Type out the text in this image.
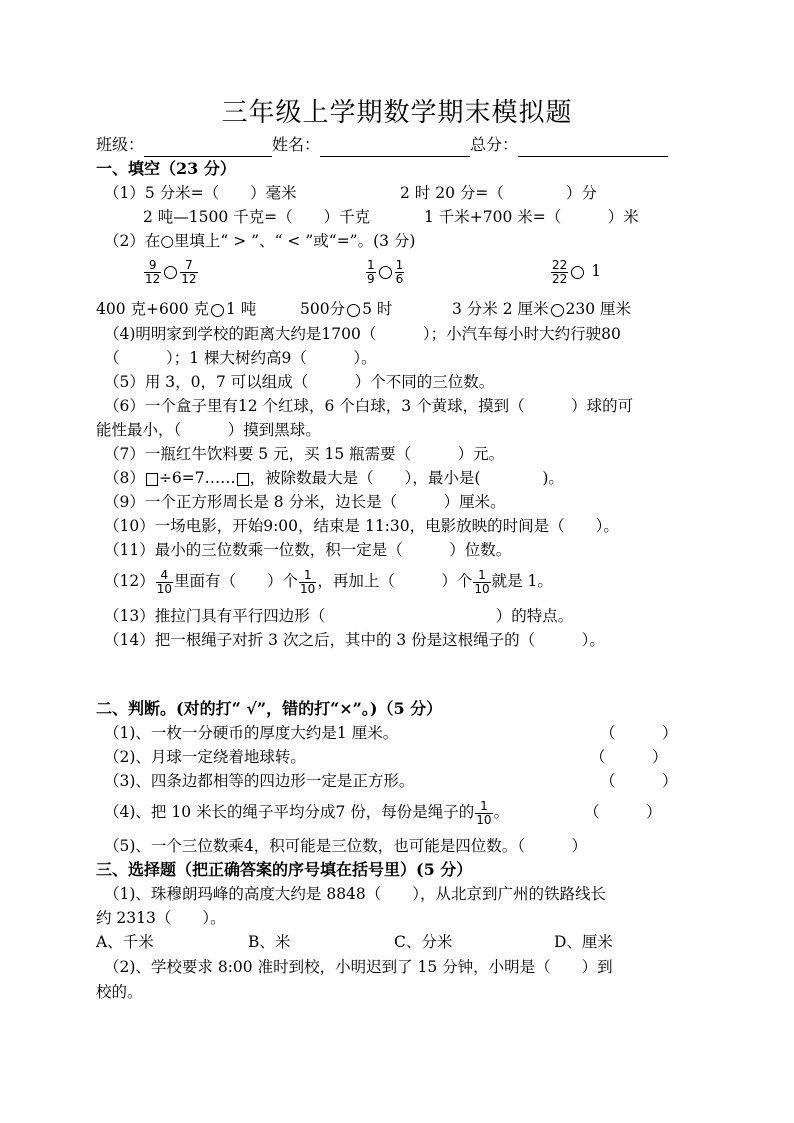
三年级上学期数学期末模拟题
班级：	姓名：	总分：
一、填空（23 分）
（1）5 分米=（　　）毫米	2 时 20 分=（　　　　）分
2 吨—1500 千克=（　　）千克	1 千米+700 米=（　　　）米
（2）在○里填上“ > ”、“ < ”或“=”。(3 分)
$\frac{9}{12} \frac{7}{12}$	$\frac{1}{9} \frac{1}{6}$	$\frac{22}{22} 1$
400 克+600 克 1 吨	500分 5 时	3 分米 2 厘米 230 厘米
（4)明明家到学校的距离大约是1700（　　　）；小汽车每小时大约行驶80
（　　　）；1 棵大树约高9（　　　）。
（5）用 3，0，7 可以组成（　　　）个不同的三位数。
（6）一个盒子里有12 个红球，6 个白球，3 个黄球，摸到（　　　）球的可
能性最小，（　　　）摸到黑球。
（7）一瓶红牛饮料要 5 元，买 15 瓶需要（　　　）元。
（8） ÷6=7…… ，被除数最大是（　　），最小是(　　　　)。
（9）一个正方形周长是 8 分米，边长是（　　　）厘米。
（10）一场电影，开始9:00，结束是 11:30，电影放映的时间是（　　）。
（11）最小的三位数乘一位数，积一定是（　　　）位数。
$(12) \frac{4}{10}$ 里面有（　　）个 $\frac{1}{10}$ ，再加上（　　　）个 $\frac{1}{10}$ 就是 1。
（13）推拉门具有平行四边形（　　　　　　　　　　　）的特点。
（14）把一根绳子对折 3 次之后，其中的 3 份是这根绳子的（　　　）。
二、判断。(对的打“ √”，错的打“×”。)（5 分）
（1)、一枚一分硬币的厚度大约是1 厘米。	（　　　）
（2)、月球一定绕着地球转。	（　　　）
（3)、四条边都相等的四边形一定是正方形。	（　　　）
（4)、把 10 米长的绳子平均分成7 份，每份是绳子的 $\frac{1}{10}$ 。	（　　　）
（5)、一个三位数乘4，积可能是三位数，也可能是四位数。（　　　）
三、选择题（把正确答案的序号填在括号里）(5 分）
（1)、珠穆朗玛峰的高度大约是 8848（　　），从北京到广州的铁路线长
约 2313（　　）。
A、千米	B、米	C、分米	D、厘米
（2)、学校要求 8:00 准时到校，小明迟到了 15 分钟，小明是（　　）到
校的。
